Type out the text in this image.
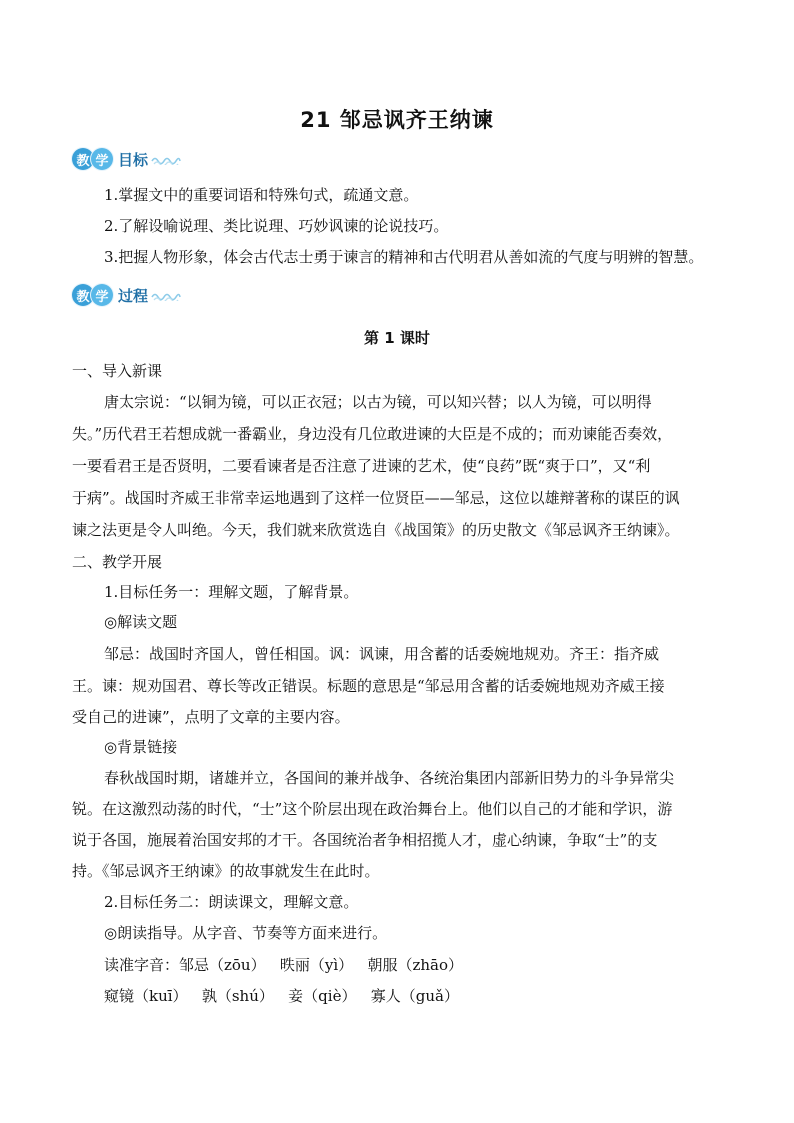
21 邹忌讽齐王纳谏
教 学 目标
1.掌握文中的重要词语和特殊句式，疏通文意。
2.了解设喻说理、类比说理、巧妙讽谏的论说技巧。
3.把握人物形象，体会古代志士勇于谏言的精神和古代明君从善如流的气度与明辨的智慧。
教 学 过程
第 1 课时
一、导入新课
唐太宗说：“以铜为镜，可以正衣冠；以古为镜，可以知兴替；以人为镜，可以明得
失。”历代君王若想成就一番霸业，身边没有几位敢进谏的大臣是不成的；而劝谏能否奏效，
一要看君王是否贤明，二要看谏者是否注意了进谏的艺术，使“良药”既“爽于口”，又“利
于病”。战国时齐威王非常幸运地遇到了这样一位贤臣——邹忌，这位以雄辩著称的谋臣的讽
谏之法更是令人叫绝。今天，我们就来欣赏选自《战国策》的历史散文《邹忌讽齐王纳谏》。
二、教学开展
1.目标任务一：理解文题，了解背景。
◎解读文题
邹忌：战国时齐国人，曾任相国。讽：讽谏，用含蓄的话委婉地规劝。齐王：指齐威
王。谏：规劝国君、尊长等改正错误。标题的意思是“邹忌用含蓄的话委婉地规劝齐威王接
受自己的进谏”，点明了文章的主要内容。
◎背景链接
春秋战国时期，诸雄并立，各国间的兼并战争、各统治集团内部新旧势力的斗争异常尖
锐。在这激烈动荡的时代，“士”这个阶层出现在政治舞台上。他们以自己的才能和学识，游
说于各国，施展着治国安邦的才干。各国统治者争相招揽人才，虚心纳谏，争取“士”的支
持。《邹忌讽齐王纳谏》的故事就发生在此时。
2.目标任务二：朗读课文，理解文意。
◎朗读指导。从字音、节奏等方面来进行。
读准字音：邹忌（zōu）   昳丽（yì）   朝服（zhāo）
窥镜（kuī）   孰（shú）   妾（qiè）   寡人（guǎ）
